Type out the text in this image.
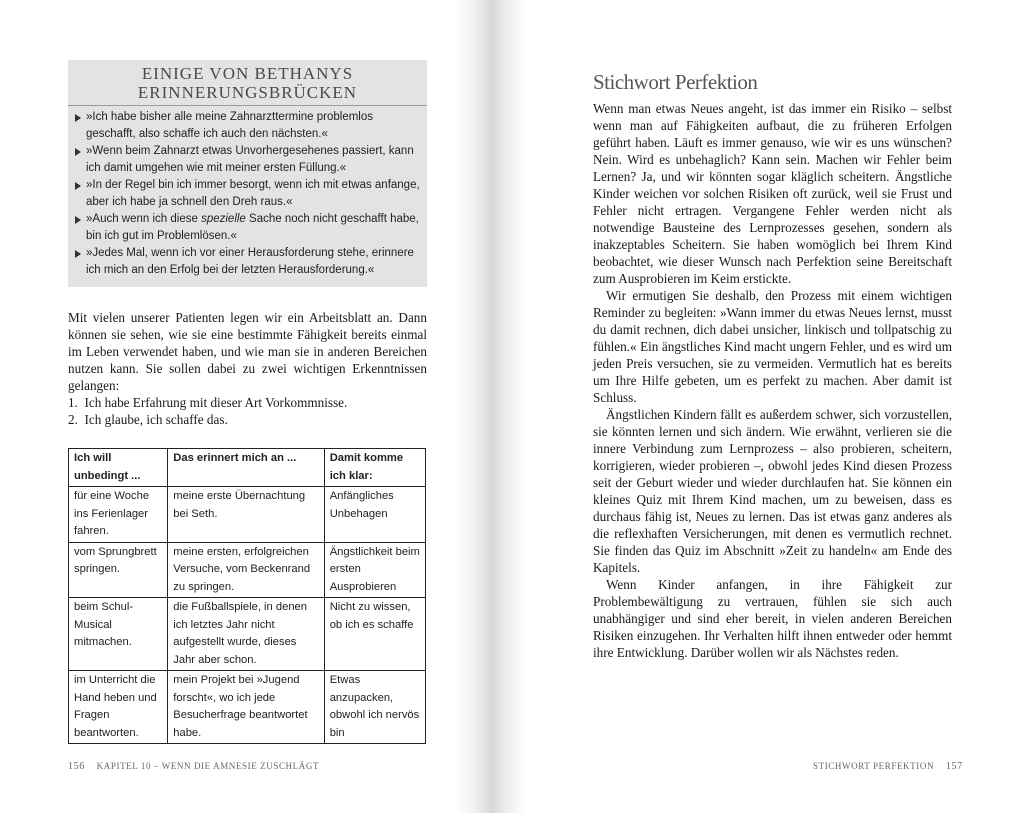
EINIGE VON BETHANYS
ERINNERUNGSBRÜCKEN
»Ich habe bisher alle meine Zahnarzttermine problemlos geschafft, also schaffe ich auch den nächsten.«
»Wenn beim Zahnarzt etwas Unvorhergesehenes passiert, kann ich damit umgehen wie mit meiner ersten Füllung.«
»In der Regel bin ich immer besorgt, wenn ich mit etwas anfange, aber ich habe ja schnell den Dreh raus.«
»Auch wenn ich diese spezielle Sache noch nicht geschafft habe, bin ich gut im Problemlösen.«
»Jedes Mal, wenn ich vor einer Herausforderung stehe, erinnere ich mich an den Erfolg bei der letzten Herausforderung.«

Mit vielen unserer Patienten legen wir ein Arbeitsblatt an. Dann können sie sehen, wie sie eine bestimmte Fähigkeit bereits einmal im Leben verwendet haben, und wie man sie in anderen Bereichen nutzen kann. Sie sollen dabei zu zwei wichtigen Erkenntnissen gelangen:

1.  Ich habe Erfahrung mit dieser Art Vorkommnisse.
2.  Ich glaube, ich schaffe das.
Ich will unbedingt ...	Das erinnert mich an ...	Damit komme ich klar:
für eine Woche ins Ferienlager fahren.	meine erste Übernachtung bei Seth.	Anfängliches Unbehagen
vom Sprungbrett springen.	meine ersten, erfolgreichen Versuche, vom Beckenrand zu springen.	Ängstlichkeit beim ersten Ausprobieren
beim Schul-Musical mitmachen.	die Fußballspiele, in denen ich letztes Jahr nicht aufgestellt wurde, dieses Jahr aber schon.	Nicht zu wissen, ob ich es schaffe
im Unterricht die Hand heben und Fragen beantworten.	mein Projekt bei »Jugend forscht«, wo ich jede Besucherfrage beantwortet habe.	Etwas anzupacken, obwohl ich nervös bin
156 KAPITEL 10 – WENN DIE AMNESIE ZUSCHLÄGT
Stichwort Perfektion

Wenn man etwas Neues angeht, ist das immer ein Risiko – selbst wenn man auf Fähigkeiten aufbaut, die zu früheren Erfolgen geführt haben. Läuft es immer genauso, wie wir es uns wünschen? Nein. Wird es unbehaglich? Kann sein. Machen wir Fehler beim Lernen? Ja, und wir könnten sogar kläglich scheitern. Ängstliche Kinder weichen vor solchen Risiken oft zurück, weil sie Frust und Fehler nicht ertragen. Vergangene Fehler werden nicht als notwendige Bausteine des Lernprozesses gesehen, sondern als inakzeptables Scheitern. Sie haben womöglich bei Ihrem Kind beobachtet, wie dieser Wunsch nach Perfektion seine Bereitschaft zum Ausprobieren im Keim erstickte.

Wir ermutigen Sie deshalb, den Prozess mit einem wichtigen Reminder zu begleiten: »Wann immer du etwas Neues lernst, musst du damit rechnen, dich dabei unsicher, linkisch und tollpatschig zu fühlen.« Ein ängstliches Kind macht ungern Fehler, und es wird um jeden Preis versuchen, sie zu vermeiden. Vermutlich hat es bereits um Ihre Hilfe gebeten, um es perfekt zu machen. Aber damit ist Schluss.

Ängstlichen Kindern fällt es außerdem schwer, sich vorzustellen, sie könnten lernen und sich ändern. Wie erwähnt, verlieren sie die innere Verbindung zum Lernprozess – also probieren, scheitern, korrigieren, wieder probieren –, obwohl jedes Kind diesen Prozess seit der Geburt wieder und wieder durchlaufen hat. Sie können ein kleines Quiz mit Ihrem Kind machen, um zu beweisen, dass es durchaus fähig ist, Neues zu lernen. Das ist etwas ganz anderes als die reflexhaften Versicherungen, mit denen es vermutlich rechnet. Sie finden das Quiz im Abschnitt »Zeit zu handeln« am Ende des Kapitels.

Wenn Kinder anfangen, in ihre Fähigkeit zur Problembewältigung zu vertrauen, fühlen sie sich auch unabhängiger und sind eher bereit, in vielen anderen Bereichen Risiken einzugehen. Ihr Verhalten hilft ihnen entweder oder hemmt ihre Entwicklung. Darüber wollen wir als Nächstes reden.

STICHWORT PERFEKTION 157
